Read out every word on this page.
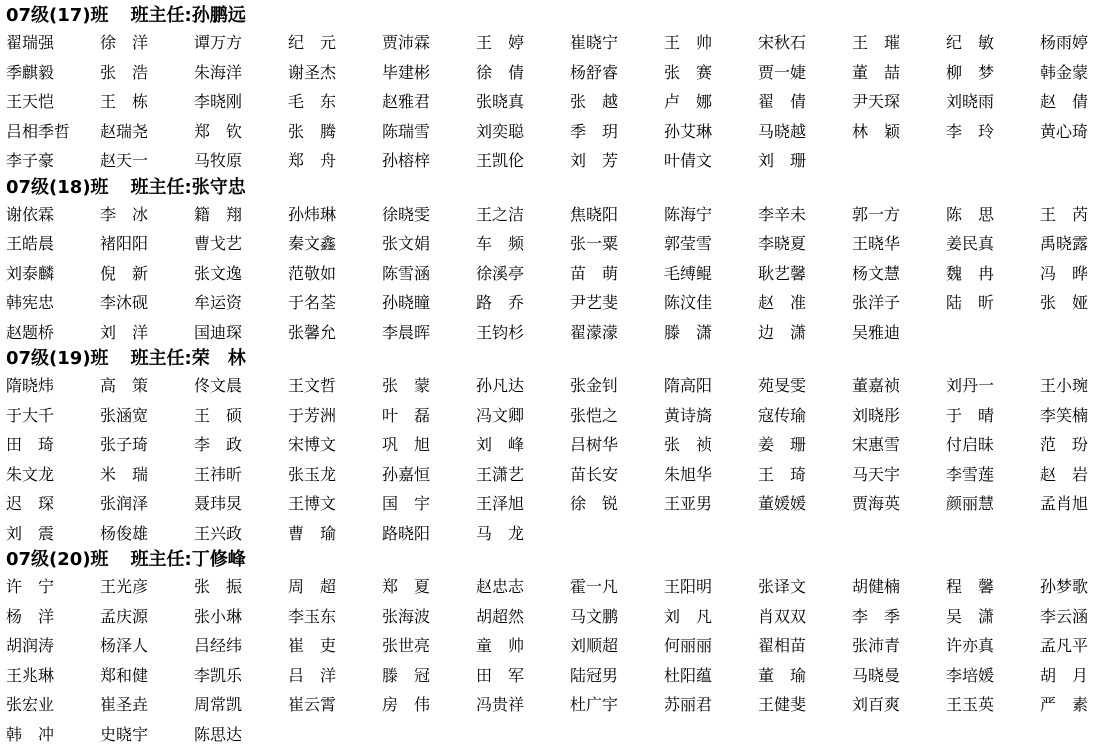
07级(17)班 班主任: 孙鹏远
翟瑞强	徐　洋	谭万方	纪　元	贾沛霖	王　婷	崔晓宁	王　帅	宋秋石	王　璀	纪　敏	杨雨婷
季麒毅	张　浩	朱海洋	谢圣杰	毕建彬	徐　倩	杨舒睿	张　赛	贾一婕	董　喆	柳　梦	韩金蒙
王天恺	王　栋	李晓刚	毛　东	赵雅君	张晓真	张　越	卢　娜	翟　倩	尹天琛	刘晓雨	赵　倩
吕相季哲	赵瑞尧	郑　钦	张　腾	陈瑞雪	刘奕聪	季　玥	孙艾琳	马晓越	林　颖	李　玲	黄心琦
李子豪	赵天一	马牧原	郑　舟	孙榕梓	王凯伦	刘　芳	叶倩文	刘　珊
07级(18)班 班主任: 张守忠
谢依霖	李　冰	籍　翔	孙炜琳	徐晓雯	王之洁	焦晓阳	陈海宁	李辛未	郭一方	陈　思	王　芮
王皓晨	褚阳阳	曹戈艺	秦文鑫	张文娟	车　频	张一粟	郭莹雪	李晓夏	王晓华	姜民真	禹晓露
刘泰麟	倪　新	张文逸	范敬如	陈雪涵	徐溪亭	苗　萌	毛缚鲲	耿艺馨	杨文慧	魏　冉	冯　晔
韩宪忠	李沐砚	牟运资	于名荃	孙晓瞳	路　乔	尹艺斐	陈汶佳	赵　准	张洋子	陆　昕	张　娅
赵题桥	刘　洋	国迪琛	张馨允	李晨晖	王钧杉	翟濛濛	滕　潇	边　潇	吴雅迪
07级(19)班 班主任: 荣　林
隋晓炜	高　策	佟文晨	王文哲	张　蒙	孙凡达	张金钊	隋高阳	苑旻雯	董嘉祯	刘丹一	王小琬
于大千	张涵宽	王　硕	于芳洲	叶　磊	冯文卿	张恺之	黄诗旖	寇传瑜	刘晓彤	于　晴	李笑楠
田　琦	张子琦	李　政	宋博文	巩　旭	刘　峰	吕树华	张　祯	姜　珊	宋惠雪	付启昧	范　玢
朱文龙	米　瑞	王祎昕	张玉龙	孙嘉恒	王潇艺	苗长安	朱旭华	王　琦	马天宇	李雪莲	赵　岩
迟　琛	张润泽	聂玮炅	王博文	国　宇	王泽旭	徐　锐	王亚男	董媛媛	贾海英	颜丽慧	孟肖旭
刘　震	杨俊雄	王兴政	曹　瑜	路晓阳	马　龙
07级(20)班 班主任: 丁修峰
许　宁	王光彦	张　振	周　超	郑　夏	赵忠志	霍一凡	王阳明	张译文	胡健楠	程　馨	孙梦歌
杨　洋	孟庆源	张小琳	李玉东	张海波	胡超然	马文鹏	刘　凡	肖双双	李　季	吴　潇	李云涵
胡润涛	杨泽人	吕经纬	崔　吏	张世亮	童　帅	刘顺超	何丽丽	翟相苗	张沛青	许亦真	孟凡平
王兆琳	郑和健	李凯乐	吕　洋	滕　冠	田　军	陆冠男	杜阳蕴	董　瑜	马晓曼	李培媛	胡　月
张宏业	崔圣垚	周常凯	崔云霄	房　伟	冯贵祥	杜广宇	苏丽君	王健斐	刘百爽	王玉英	严　素
韩　冲	史晓宇	陈思达
